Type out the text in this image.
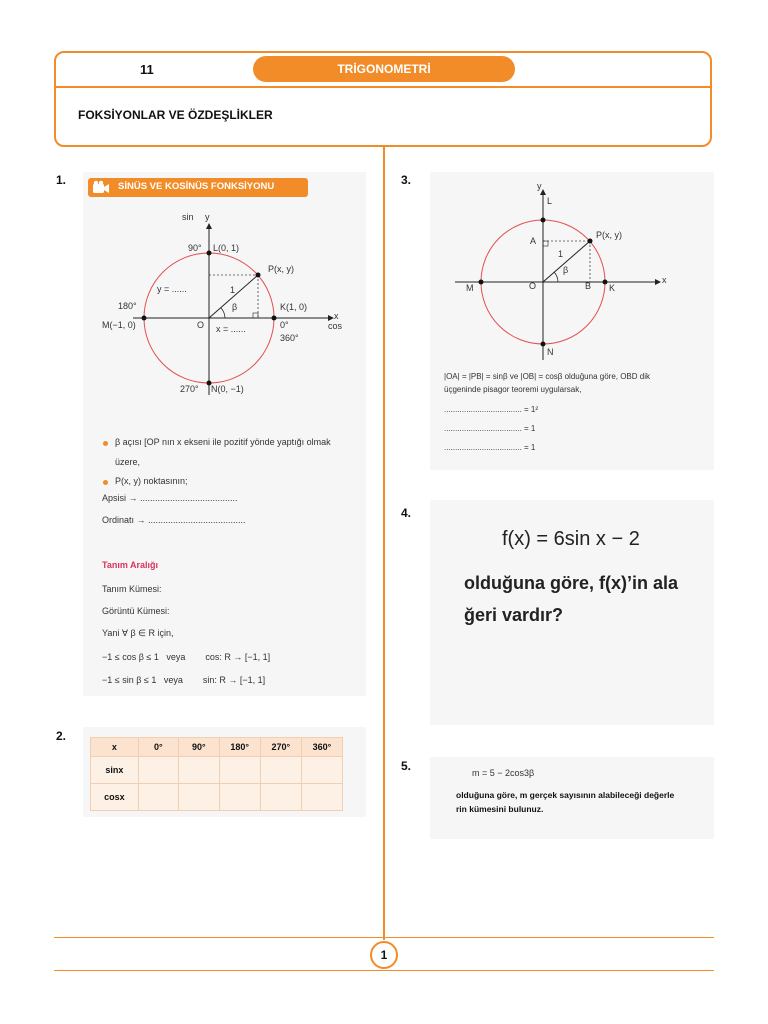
11	TRİGONOMETRİ
FOKSİYONLAR VE ÖZDEŞLİKLER
1.	SİNÜS VE KOSİNÜS FONKSİYONU
sin y
90° L(0, 1)
P(x, y)
y = ......	1
β
180°
M(−1, 0)	O
K(1, 0)
x = ......	0°
360°
x
cos
270° N(0, −1)
β açısı [OP nın x ekseni ile pozitif yönde yaptığı olmak
üzere,
P(x, y) noktasının;
Apsisi → .......................................
Ordinatı → .......................................
Tanım Aralığı
Tanım Kümesi:
Görüntü Kümesi:
Yani ∀ β ∈ R için,
−1 ≤ cos β ≤ 1   veya        cos: R → [−1, 1]
−1 ≤ sin β ≤ 1   veya        sin: R → [−1, 1]
2.
x	0°	90°	180°	270°	360°
sinx					
cosx					
3.	y
L
A
P(x, y)
1
β
x
M	O	B K
N
|OA| = |PB| = sinβ ve |OB| = cosβ olduğuna göre, OBD dik
üçgeninde pisagor teoremi uygularsak,
................................... = 1²
................................... = 1
................................... = 1
4.
f(x) = 6sin x − 2
olduğuna göre, f(x)’in ala
ğeri vardır?
5.	m = 5 − 2cos3β
olduğuna göre, m gerçek sayısının alabileceği değerle
rin kümesini bulunuz.
1
